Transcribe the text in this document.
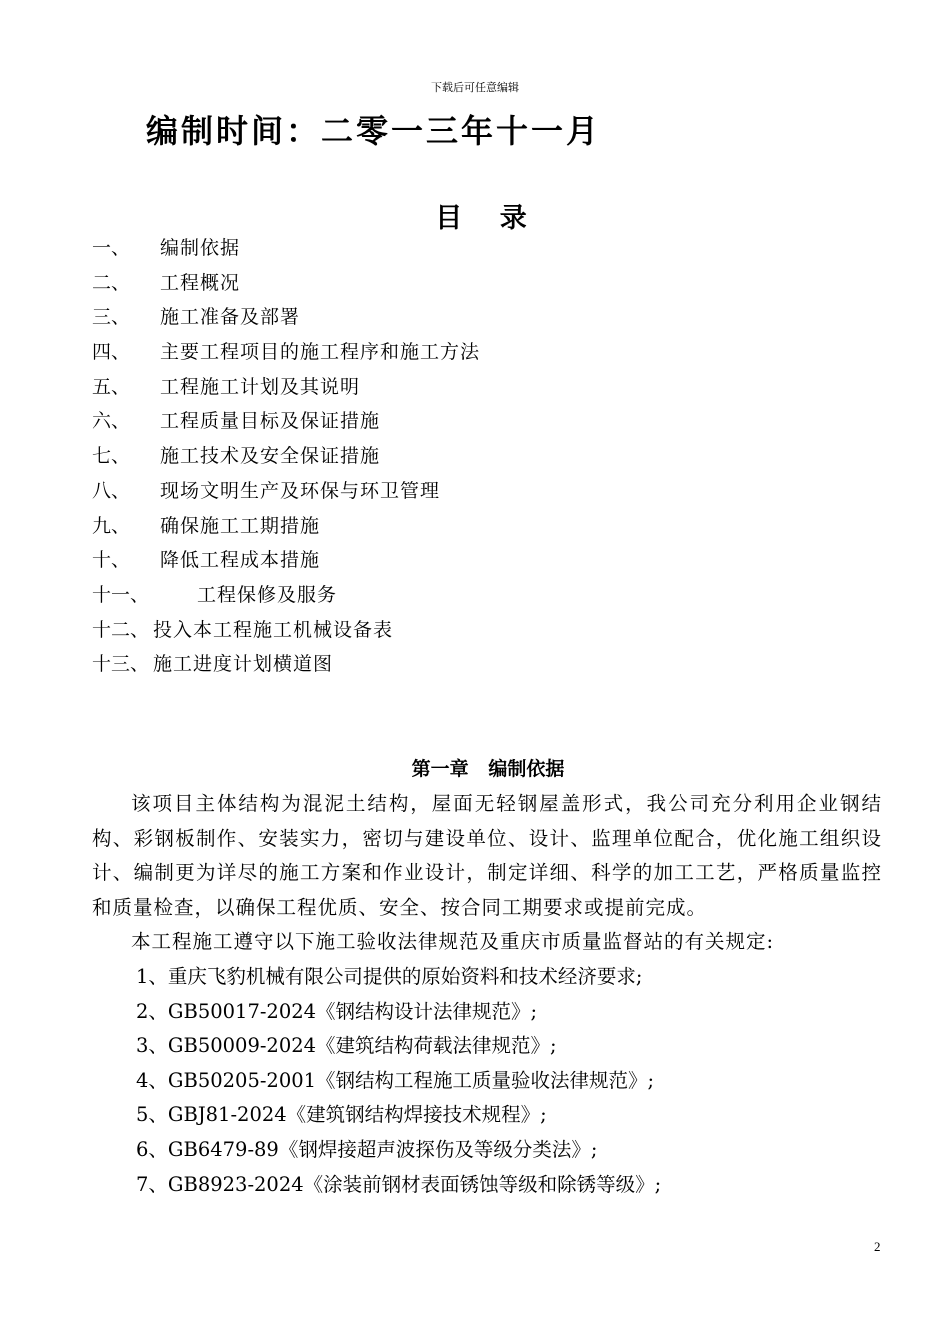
下载后可任意编辑
编制时间：二零一三年十一月
目 录
一、 编制依据
二、 工程概况
三、 施工准备及部署
四、 主要工程项目的施工程序和施工方法
五、 工程施工计划及其说明
六、 工程质量目标及保证措施
七、 施工技术及安全保证措施
八、 现场文明生产及环保与环卫管理
九、 确保施工工期措施
十、 降低工程成本措施
十一、	工程保修及服务
十二、 投入本工程施工机械设备表
十三、 施工进度计划横道图
第一章   编制依据

该项目主体结构为混泥土结构，屋面无轻钢屋盖形式，我公司充分利用企业钢结构、彩钢板制作、安装实力，密切与建设单位、设计、监理单位配合，优化施工组织设计、编制更为详尽的施工方案和作业设计，制定详细、科学的加工工艺，严格质量监控和质量检查，以确保工程优质、安全、按合同工期要求或提前完成。

本工程施工遵守以下施工验收法律规范及重庆市质量监督站的有关规定:

1、重庆飞豹机械有限公司提供的原始资料和技术经济要求;
2、GB50017-2024《钢结构设计法律规范》;
3、GB50009-2024《建筑结构荷载法律规范》;
4、GB50205-2001《钢结构工程施工质量验收法律规范》;
5、GBJ81-2024《建筑钢结构焊接技术规程》;
6、GB6479-89《钢焊接超声波探伤及等级分类法》;
7、GB8923-2024《涂装前钢材表面锈蚀等级和除锈等级》;
2
